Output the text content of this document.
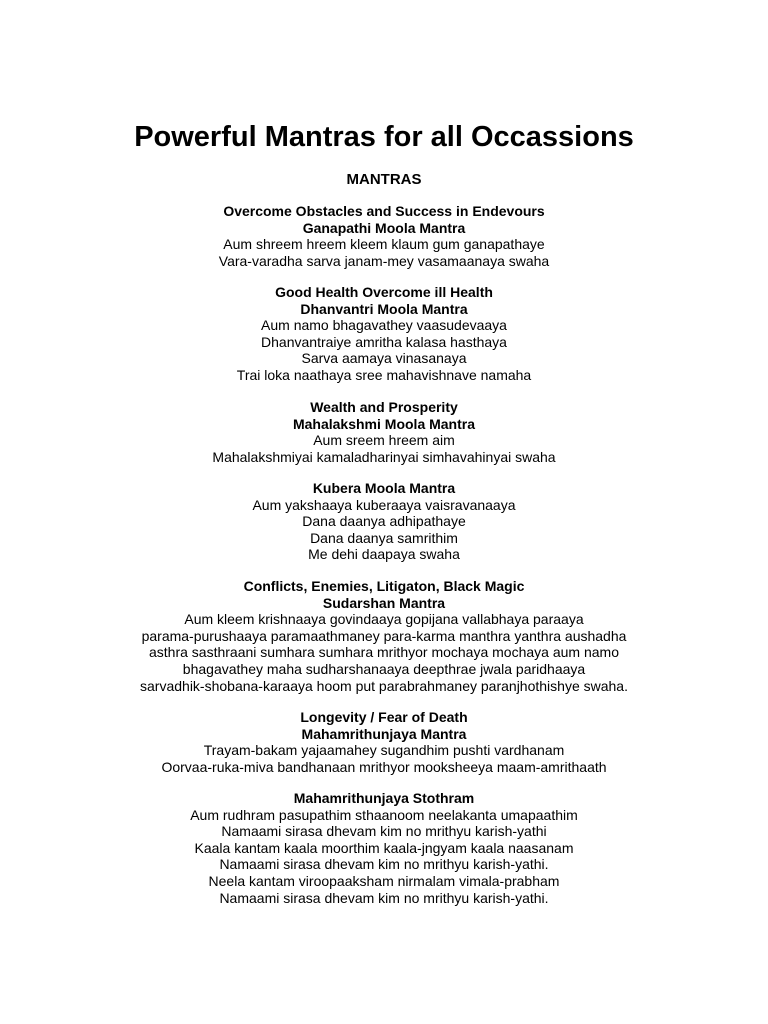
Powerful Mantras for all Occassions
MANTRAS
Overcome Obstacles and Success in Endevours
Ganapathi Moola Mantra
Aum shreem hreem kleem klaum gum ganapathaye
Vara-varadha sarva janam-mey vasamaanaya swaha
Good Health Overcome ill Health
Dhanvantri Moola Mantra
Aum namo bhagavathey vaasudevaaya
Dhanvantraiye amritha kalasa hasthaya
Sarva aamaya vinasanaya
Trai loka naathaya sree mahavishnave namaha
Wealth and Prosperity
Mahalakshmi Moola Mantra
Aum sreem hreem aim
Mahalakshmiyai kamaladharinyai simhavahinyai swaha
Kubera Moola Mantra
Aum yakshaaya kuberaaya vaisravanaaya
Dana daanya adhipathaye
Dana daanya samrithim
Me dehi daapaya swaha
Conflicts, Enemies, Litigaton, Black Magic
Sudarshan Mantra
Aum kleem krishnaaya govindaaya gopijana vallabhaya paraaya
parama-purushaaya paramaathmaney para-karma manthra yanthra aushadha
asthra sasthraani sumhara sumhara mrithyor mochaya mochaya aum namo
bhagavathey maha sudharshanaaya deepthrae jwala paridhaaya
sarvadhik-shobana-karaaya hoom put parabrahmaney paranjhothishye swaha.
Longevity / Fear of Death
Mahamrithunjaya Mantra
Trayam-bakam yajaamahey sugandhim pushti vardhanam
Oorvaa-ruka-miva bandhanaan mrithyor mooksheeya maam-amrithaath
Mahamrithunjaya Stothram
Aum rudhram pasupathim sthaanoom neelakanta umapaathim
Namaami sirasa dhevam kim no mrithyu karish-yathi
Kaala kantam kaala moorthim kaala-jngyam kaala naasanam
Namaami sirasa dhevam kim no mrithyu karish-yathi.
Neela kantam viroopaaksham nirmalam vimala-prabham
Namaami sirasa dhevam kim no mrithyu karish-yathi.
